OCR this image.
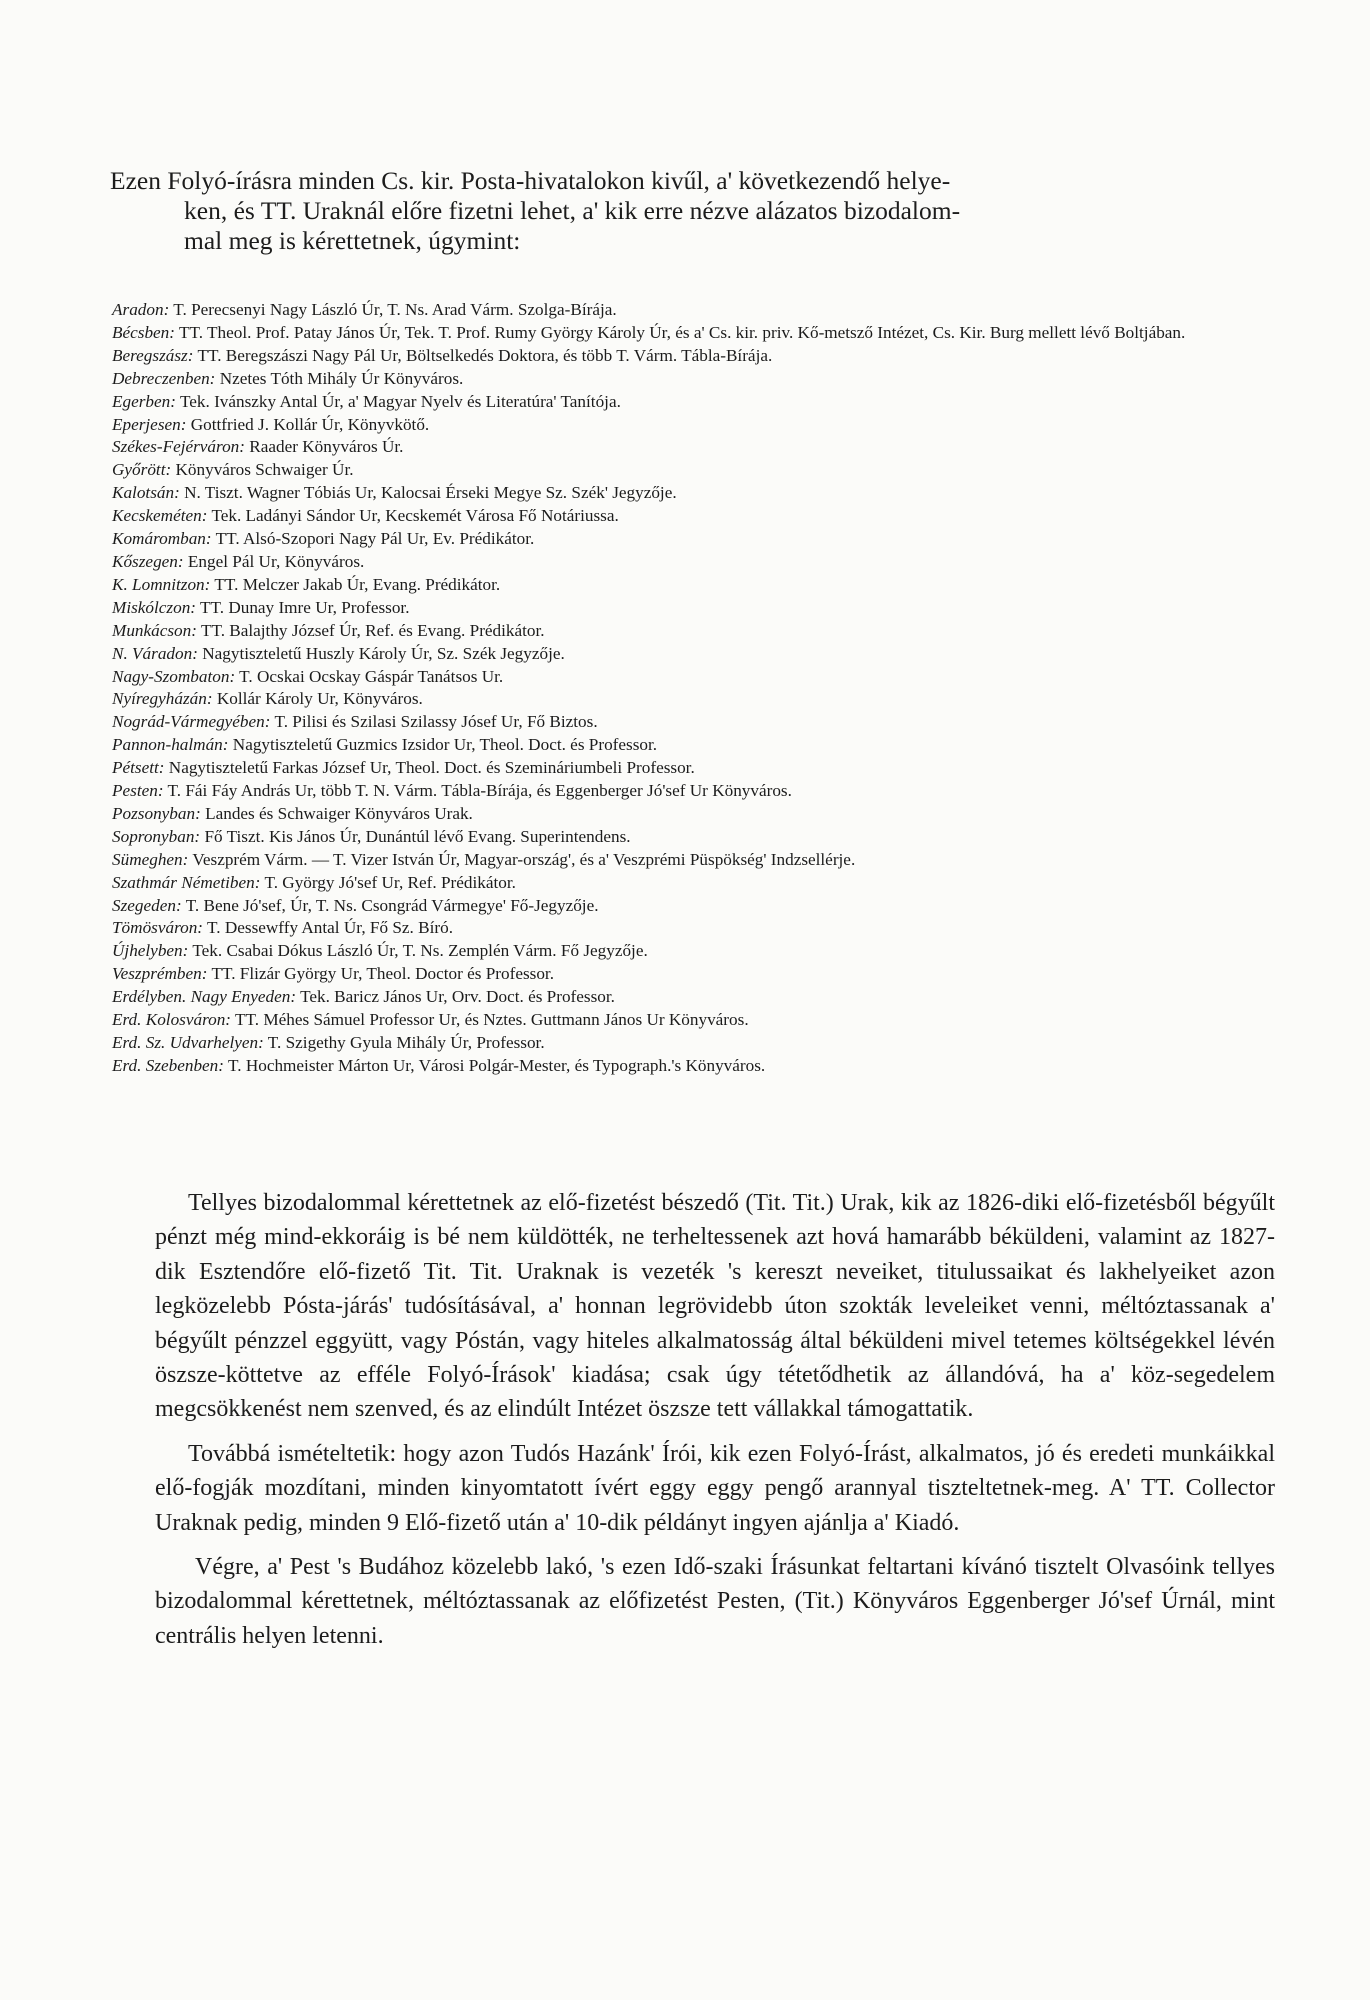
Ezen Folyó-írásra minden Cs. kir. Posta-hivatalokon kivűl, a' következendő helye-

ken, és TT. Uraknál előre fizetni lehet, a' kik erre nézve alázatos bizodalom-

mal meg is kérettetnek, úgymint:

Aradon: T. Perecsenyi Nagy László Úr, T. Ns. Arad Várm. Szolga-Bírája.
Bécsben: TT. Theol. Prof. Patay János Úr, Tek. T. Prof. Rumy György Károly Úr, és a' Cs. kir. priv. Kő-metsző Intézet, Cs. Kir. Burg mellett lévő Boltjában.
Beregszász: TT. Beregszászi Nagy Pál Ur, Böltselkedés Doktora, és több T. Várm. Tábla-Bírája.
Debreczenben: Nzetes Tóth Mihály Úr Könyváros.
Egerben: Tek. Ivánszky Antal Úr, a' Magyar Nyelv és Literatúra' Tanítója.
Eperjesen: Gottfried J. Kollár Úr, Könyvkötő.
Székes-Fejérváron: Raader Könyváros Úr.
Győrött: Könyváros Schwaiger Úr.
Kalotsán: N. Tiszt. Wagner Tóbiás Ur, Kalocsai Érseki Megye Sz. Szék' Jegyzője.
Kecskeméten: Tek. Ladányi Sándor Ur, Kecskemét Városa Fő Notáriussa.
Komáromban: TT. Alsó-Szopori Nagy Pál Ur, Ev. Prédikátor.
Kőszegen: Engel Pál Ur, Könyváros.
K. Lomnitzon: TT. Melczer Jakab Úr, Evang. Prédikátor.
Miskólczon: TT. Dunay Imre Ur, Professor.
Munkácson: TT. Balajthy József Úr, Ref. és Evang. Prédikátor.
N. Váradon: Nagytiszteletű Huszly Károly Úr, Sz. Szék Jegyzője.
Nagy-Szombaton: T. Ocskai Ocskay Gáspár Tanátsos Ur.
Nyíregyházán: Kollár Károly Ur, Könyváros.
Nográd-Vármegyében: T. Pilisi és Szilasi Szilassy Jósef Ur, Fő Biztos.
Pannon-halmán: Nagytiszteletű Guzmics Izsidor Ur, Theol. Doct. és Professor.
Pétsett: Nagytiszteletű Farkas József Ur, Theol. Doct. és Szemináriumbeli Professor.
Pesten: T. Fái Fáy András Ur, több T. N. Várm. Tábla-Bírája, és Eggenberger Jó'sef Ur Könyváros.
Pozsonyban: Landes és Schwaiger Könyváros Urak.
Sopronyban: Fő Tiszt. Kis János Úr, Dunántúl lévő Evang. Superintendens.
Sümeghen: Veszprém Várm. — T. Vizer István Úr, Magyar-ország', és a' Veszprémi Püspökség' Indzsellérje.
Szathmár Németiben: T. György Jó'sef Ur, Ref. Prédikátor.
Szegeden: T. Bene Jó'sef, Úr, T. Ns. Csongrád Vármegye' Fő-Jegyzője.
Tömösváron: T. Dessewffy Antal Úr, Fő Sz. Bíró.
Újhelyben: Tek. Csabai Dókus László Úr, T. Ns. Zemplén Várm. Fő Jegyzője.
Veszprémben: TT. Flizár György Ur, Theol. Doctor és Professor.
Erdélyben. Nagy Enyeden: Tek. Baricz János Ur, Orv. Doct. és Professor.
Erd. Kolosváron: TT. Méhes Sámuel Professor Ur, és Nztes. Guttmann János Ur Könyváros.
Erd. Sz. Udvarhelyen: T. Szigethy Gyula Mihály Úr, Professor.
Erd. Szebenben: T. Hochmeister Márton Ur, Városi Polgár-Mester, és Typograph.'s Könyváros.

Tellyes bizodalommal kérettetnek az elő-fizetést bészedő (Tit. Tit.) Urak, kik az 1826-diki elő-fizetésből bégyűlt pénzt még mind-ekkoráig is bé nem küldötték, ne terheltessenek azt hová hamarább béküldeni, valamint az 1827-dik Esztendőre elő-fizető Tit. Tit. Uraknak is vezeték 's kereszt neveiket, titulussaikat és lakhelyeiket azon legközelebb Pósta-járás' tudósításával, a' honnan legrövidebb úton szokták leveleiket venni, méltóztassanak a' bégyűlt pénzzel eggyütt, vagy Póstán, vagy hiteles alkalmatosság által béküldeni mivel tetemes költségekkel lévén öszsze-köttetve az efféle Folyó-Írások' kiadása; csak úgy tétetődhetik az állandóvá, ha a' köz-segedelem megcsökkenést nem szenved, és az elindúlt Intézet öszsze tett vállakkal támogattatik.

Továbbá ismételtetik: hogy azon Tudós Hazánk' Írói, kik ezen Folyó-Írást, alkalmatos, jó és eredeti munkáikkal elő-fogják mozdítani, minden kinyomtatott ívért eggy eggy pengő arannyal tiszteltetnek-meg. A' TT. Collector Uraknak pedig, minden 9 Elő-fizető után a' 10-dik példányt ingyen ajánlja a' Kiadó.

Végre, a' Pest 's Budához közelebb lakó, 's ezen Idő-szaki Írásunkat feltartani kívánó tisztelt Olvasóink tellyes bizodalommal kérettetnek, méltóztassanak az előfizetést Pesten, (Tit.) Könyváros Eggenberger Jó'sef Úrnál, mint centrális helyen letenni.
